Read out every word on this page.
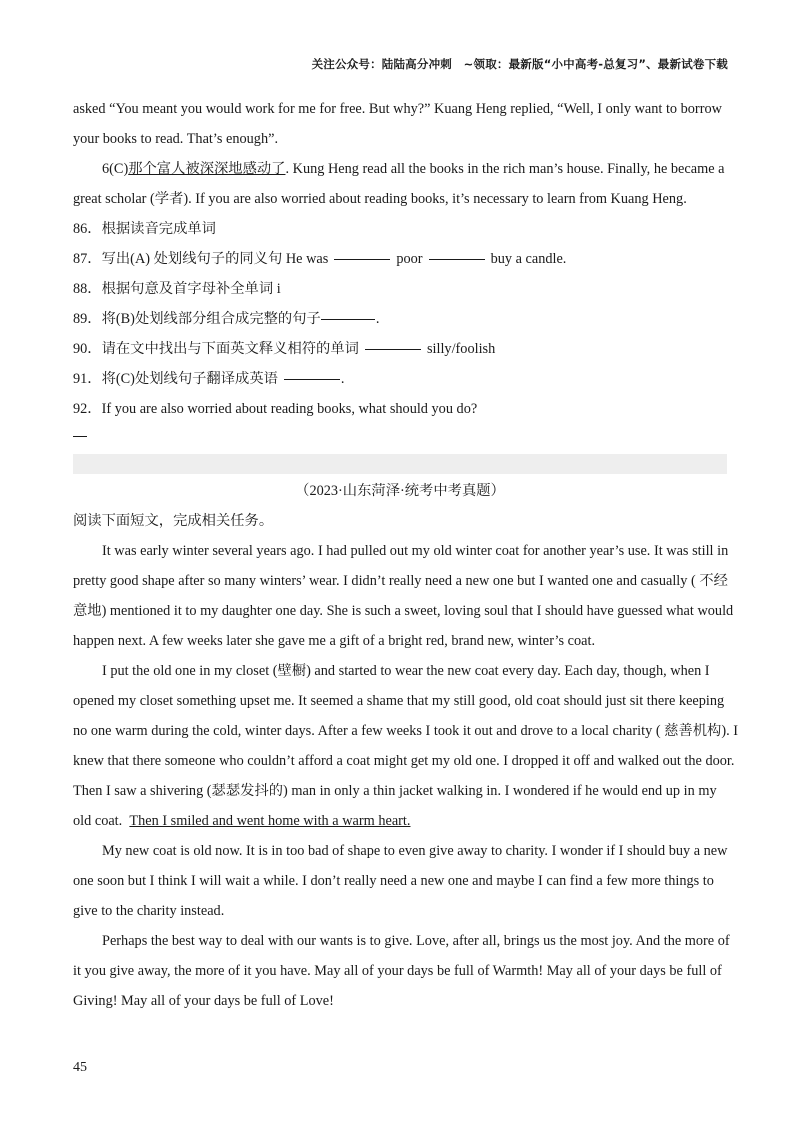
关注公众号：陆陆高分冲刺　~领取：最新版“小中高考-总复习”、最新试卷下载
asked “You meant you would work for me for free. But why?” Kuang Heng replied, “Well, I only want to borrow
your books to read. That’s enough”.
6(C)那个富人被深深地感动了. Kung Heng read all the books in the rich man’s house. Finally, he became a
great scholar (学者). If you are also worried about reading books, it’s necessary to learn from Kuang Heng.
86．根据读音完成单词
87．写出(A) 处划线句子的同义句 He was	poor	buy a candle.
88．根据句意及首字母补全单词 i
89．将(B)处划线部分组合成完整的句子	.
90．请在文中找出与下面英文释义相符的单词	silly/foolish
91．将(C)处划线句子翻译成英语	.
92．If you are also worried about reading books, what should you do?
（2023·山东菏泽·统考中考真题）
阅读下面短文，完成相关任务。
It was early winter several years ago. I had pulled out my old winter coat for another year’s use. It was still in
pretty good shape after so many winters’ wear. I didn’t really need a new one but I wanted one and casually ( 不经
意地) mentioned it to my daughter one day. She is such a sweet, loving soul that I should have guessed what would
happen next. A few weeks later she gave me a gift of a bright red, brand new, winter’s coat.
I put the old one in my closet (壁橱) and started to wear the new coat every day. Each day, though, when I
opened my closet something upset me. It seemed a shame that my still good, old coat should just sit there keeping
no one warm during the cold, winter days. After a few weeks I took it out and drove to a local charity ( 慈善机构). I
knew that there someone who couldn’t afford a coat might get my old one. I dropped it off and walked out the door.
Then I saw a shivering (瑟瑟发抖的) man in only a thin jacket walking in. I wondered if he would end up in my
old coat. Then I smiled and went home with a warm heart.
My new coat is old now. It is in too bad of shape to even give away to charity. I wonder if I should buy a new
one soon but I think I will wait a while. I don’t really need a new one and maybe I can find a few more things to
give to the charity instead.
Perhaps the best way to deal with our wants is to give. Love, after all, brings us the most joy. And the more of
it you give away, the more of it you have. May all of your days be full of Warmth! May all of your days be full of
Giving! May all of your days be full of Love!
45
